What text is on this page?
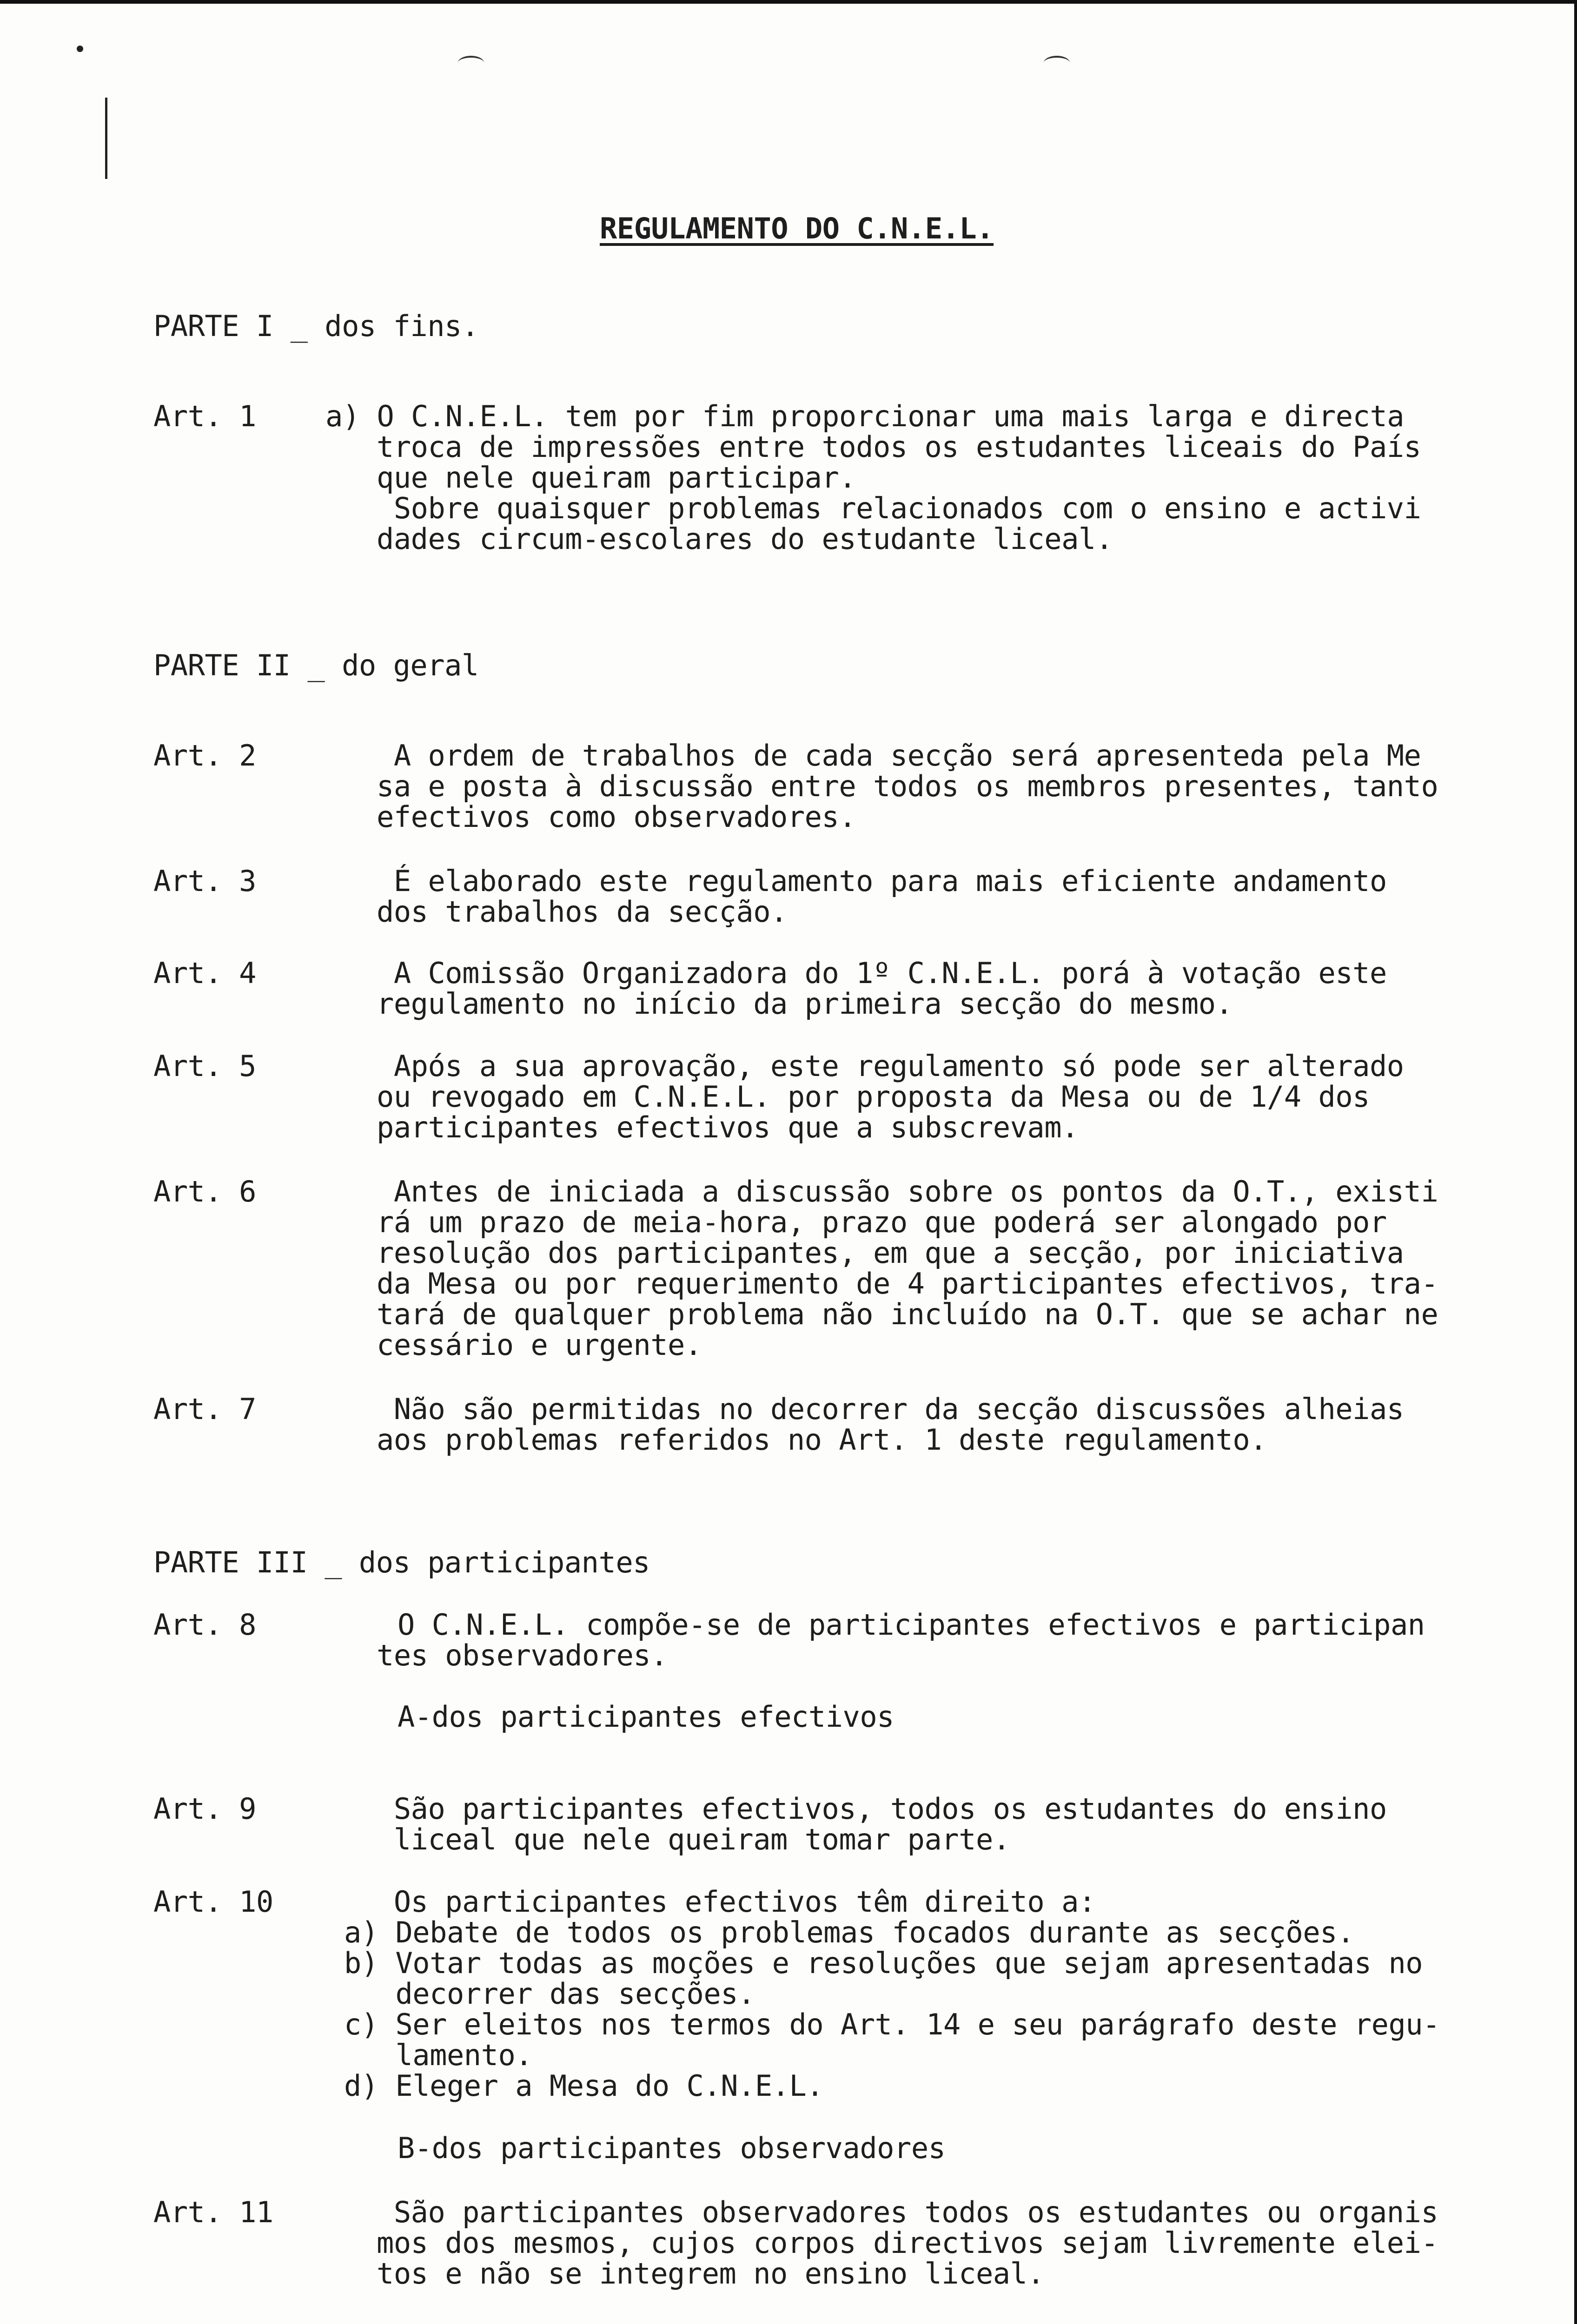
REGULAMENTO DO C.N.E.L.
PARTE I _ dos fins.
Art. 1 a) O C.N.E.L. tem por fim proporcionar uma mais larga e directa
troca de impressões entre todos os estudantes liceais do País
que nele queiram participar.
Sobre quaisquer problemas relacionados com o ensino e activi
dades circum-escolares do estudante liceal.
PARTE II _ do geral
Art. 2	A ordem de trabalhos de cada secção será apresenteda pela Me
sa e posta à discussão entre todos os membros presentes, tanto
efectivos como observadores.
Art. 3	É elaborado este regulamento para mais eficiente andamento
dos trabalhos da secção.
Art. 4	A Comissão Organizadora do 1º C.N.E.L. porá à votação este
regulamento no início da primeira secção do mesmo.
Art. 5	Após a sua aprovação, este regulamento só pode ser alterado
ou revogado em C.N.E.L. por proposta da Mesa ou de 1/4 dos
participantes efectivos que a subscrevam.
Art. 6	Antes de iniciada a discussão sobre os pontos da O.T., existi
rá um prazo de meia-hora, prazo que poderá ser alongado por
resolução dos participantes, em que a secção, por iniciativa
da Mesa ou por requerimento de 4 participantes efectivos, tra-
tará de qualquer problema não incluído na O.T. que se achar ne
cessário e urgente.
Art. 7	Não são permitidas no decorrer da secção discussões alheias
aos problemas referidos no Art. 1 deste regulamento.
PARTE III _ dos participantes
Art. 8	O C.N.E.L. compõe-se de participantes efectivos e participan
tes observadores.
A-dos participantes efectivos
Art. 9	São participantes efectivos, todos os estudantes do ensino
liceal que nele queiram tomar parte.
Art. 10	Os participantes efectivos têm direito a:
a) Debate de todos os problemas focados durante as secções.
b) Votar todas as moções e resoluções que sejam apresentadas no
decorrer das secções.
c) Ser eleitos nos termos do Art. 14 e seu parágrafo deste regu-
lamento.
d) Eleger a Mesa do C.N.E.L.
B-dos participantes observadores
Art. 11	São participantes observadores todos os estudantes ou organis
mos dos mesmos, cujos corpos directivos sejam livremente elei-
tos e não se integrem no ensino liceal.
